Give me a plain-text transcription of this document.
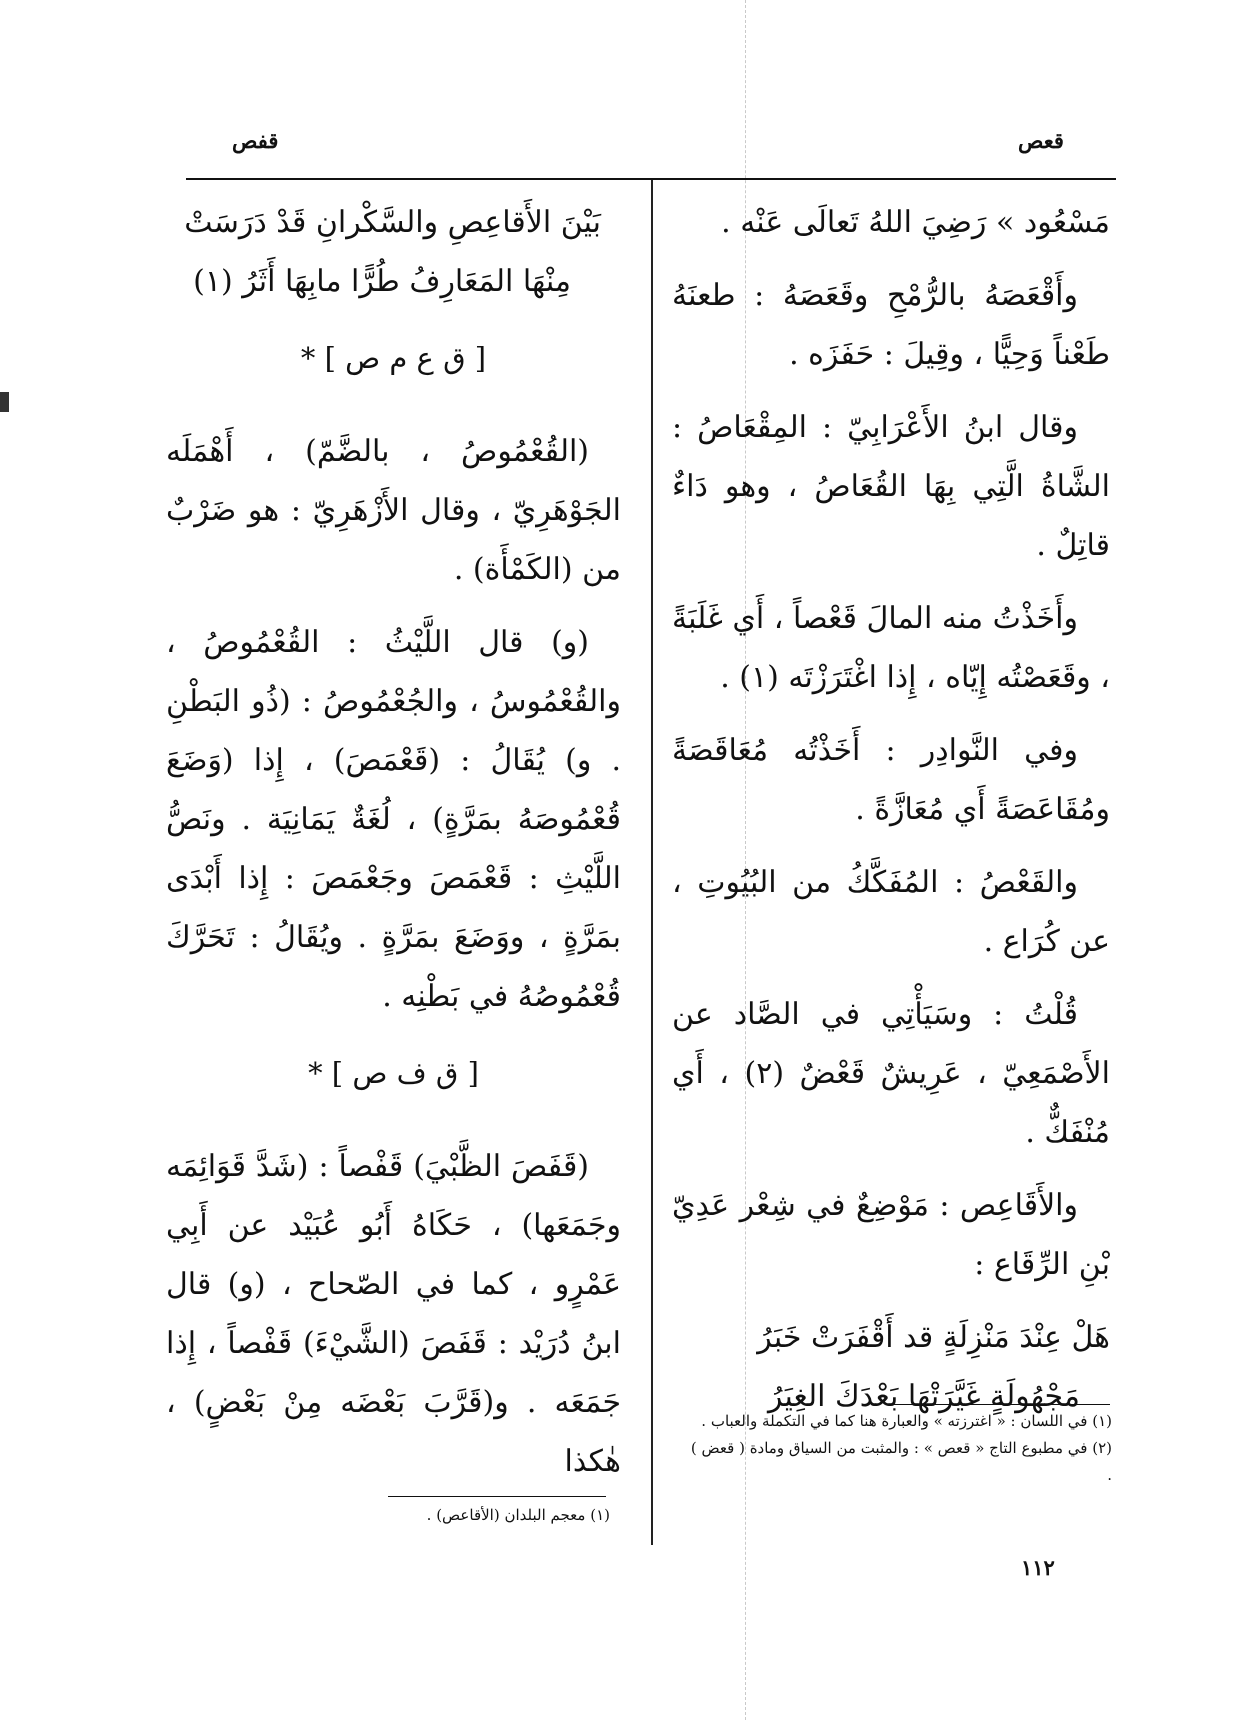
قعص
قفص

مَسْعُود » رَضِيَ اللهُ تَعالَى عَنْه .

وأَقْعَصَهُ بالرُّمْحِ وقَعَصَهُ : طعنَهُ طَعْناً وَحِيًّا ، وقِيلَ : حَفَزَه .

وقال ابنُ الأَعْرَابِيّ : المِقْعَاصُ : الشَّاةُ الَّتِي بِهَا القُعَاصُ ، وهو دَاءٌ قاتِلٌ .

وأَخَذْتُ منه المالَ قَعْصاً ، أَي غَلَبَةً ، وقَعَصْتُه إِيّاه ، إِذا اغْتَرَزْتَه (١) .

وفي النَّوادِر : أَخَذْتُه مُعَاقَصَةً ومُقَاعَصَةً أَي مُعَازَّةً .

والقَعْصُ : المُفَكَّكُ من البُيُوتِ ، عن كُرَاع .

قُلْتُ : وسَيَأْتِي في الصَّاد عن الأَصْمَعِيّ ، عَرِيشٌ قَعْضٌ (٢) ، أَي مُنْفَكٌّ .

والأَقَاعِص : مَوْضِعٌ في شِعْر عَدِيّ بْنِ الرِّقَاع :

هَلْ عِنْدَ مَنْزِلَةٍ قد أَقْفَرَتْ خَبَرُ
مَجْهُولَةٍ غَيَّرَتْهَا بَعْدَكَ الغِيَرُ

بَيْنَ الأَقاعِصِ والسَّكْرانِ قَدْ دَرَسَتْ
مِنْهَا المَعَارِفُ طُرًّا مابِهَا أَثَرُ (١)

[ ق ع م ص ] *

(القُعْمُوصُ ، بالضَّمّ) ، أَهْمَلَه الجَوْهَرِيّ ، وقال الأَزْهَرِيّ : هو ضَرْبٌ من (الكَمْأَة) .

(و) قال اللَّيْثُ : القُعْمُوصُ ، والقُعْمُوسُ ، والجُعْمُوصُ : (ذُو البَطْنِ . و) يُقَالُ : (قَعْمَصَ) ، إِذا (وَضَعَ قُعْمُوصَهُ بمَرَّةٍ) ، لُغَةٌ يَمَانِيَة . ونَصُّ اللَّيْثِ : قَعْمَصَ وجَعْمَصَ : إِذا أَبْدَى بمَرَّةٍ ، ووَضَعَ بمَرَّةٍ . ويُقَالُ : تَحَرَّكَ قُعْمُوصُهُ في بَطْنِه .

[ ق ف ص ] *

(قَفَصَ الظَّبْيَ) قَفْصاً : (شَدَّ قَوَائِمَه وجَمَعَها) ، حَكَاهُ أَبُو عُبَيْد عن أَبِي عَمْرٍو ، كما في الصّحاح ، (و) قال ابنُ دُرَيْد : قَفَصَ (الشَّيْءَ) قَفْصاً ، إِذا جَمَعَه . و(قَرَّبَ بَعْضَه مِنْ بَعْضٍ) ، هٰكذا

(١) في اللسان : « اغترزته » والعبارة هنا كما في التكملة والعباب .
(٢) في مطبوع التاج « قعص » : والمثبت من السياق ومادة ( قعض ) .
(١) معجم البلدان (الأقاعص) .
١١٢
